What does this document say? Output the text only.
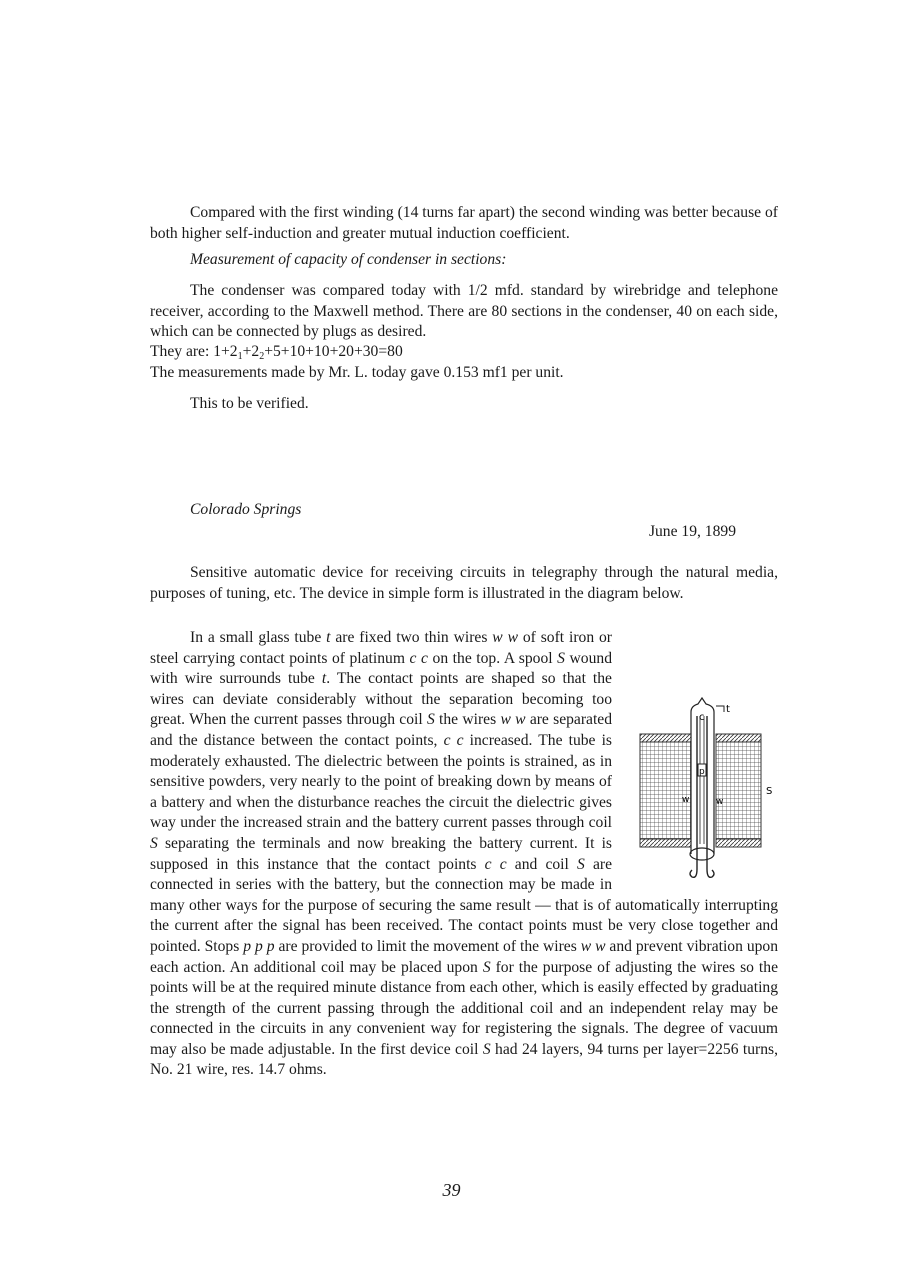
Compared with the first winding (14 turns far apart) the second winding was better because of both higher self-induction and greater mutual induction coefficient.

Measurement of capacity of condenser in sections:

The condenser was compared today with 1/2 mfd. standard by wirebridge and telephone receiver, according to the Maxwell method. There are 80 sections in the condenser, 40 on each side, which can be connected by plugs as desired.

They are: $1+2_1+2_2+5+10+10+20+30=80$

The measurements made by Mr. L. today gave 0.153 mf1 per unit.

This to be verified.

Colorado Springs

June 19, 1899

Sensitive automatic device for receiving circuits in telegraphy through the natural media, purposes of tuning, etc. The device in simple form is illustrated in the diagram below.

In a small glass tube t are fixed two thin wires w w of soft iron or steel carrying contact points of platinum c c on the top. A spool S wound with wire surrounds tube t. The contact points are shaped so that the wires can deviate considerably without the separation becoming too great. When the current passes through coil S the wires w w are separated and the distance between the contact points, c c increased. The tube is moderately exhausted. The dielectric between the points is strained, as in sensitive powders, very nearly to the point of breaking down by means of a battery and when the disturbance reaches the circuit the dielectric gives way under the increased strain and the battery current passes through coil S separating the terminals and now breaking the battery current. It is supposed in this instance that the contact points c c and coil S are connected in series with the battery, but the connection may be made in many other ways for the purpose of securing the same result — that is of automatically interrupting the current after the signal has been received. The contact points must be very close together and pointed. Stops p p p are provided to limit the movement of the wires w w and prevent vibration upon each action. An additional coil may be placed upon S for the purpose of adjusting the wires so the points will be at the required minute distance from each other, which is easily effected by graduating the strength of the current passing through the additional coil and an independent relay may be connected in the circuits in any convenient way for registering the signals. The degree of vacuum may also be made adjustable. In the first device coil S had 24 layers, 94 turns per layer=2256 turns, No. 21 wire, res. 14.7 ohms.

c
t
p
w	w
S
39
